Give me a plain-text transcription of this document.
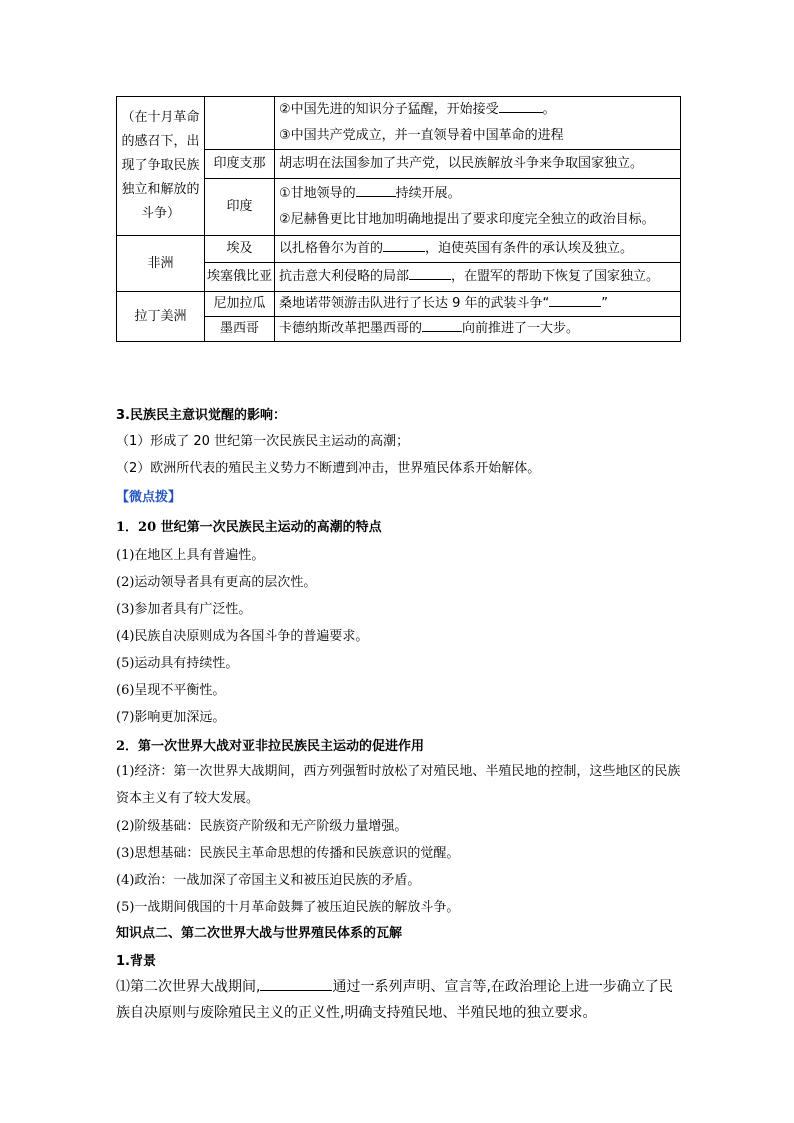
（在十月革命的感召下，出现了争取民族独立和解放的斗争）		②中国先进的知识分子猛醒，开始接受 。
③中国共产党成立，并一直领导着中国革命的进程

	印度支那	胡志明在法国参加了共产党，以民族解放斗争来争取国家独立。
	印度	①甘地领导的 持续开展。
②尼赫鲁更比甘地加明确地提出了要求印度完全独立的政治目标。

非洲	埃及	以扎格鲁尔为首的 ，迫使英国有条件的承认埃及独立。
	埃塞俄比亚	抗击意大利侵略的局部 ，在盟军的帮助下恢复了国家独立。
拉丁美洲	尼加拉瓜	桑地诺带领游击队进行了长达 9 年的武装斗争“ ”
	墨西哥	卡德纳斯改革把墨西哥的 向前推进了一大步。
3.民族民主意识觉醒的影响：
（1）形成了 20 世纪第一次民族民主运动的高潮；
（2）欧洲所代表的殖民主义势力不断遭到冲击，世界殖民体系开始解体。
【微点拨】
1．20 世纪第一次民族民主运动的高潮的特点
(1)在地区上具有普遍性。
(2)运动领导者具有更高的层次性。
(3)参加者具有广泛性。
(4)民族自决原则成为各国斗争的普遍要求。
(5)运动具有持续性。
(6)呈现不平衡性。
(7)影响更加深远。
2．第一次世界大战对亚非拉民族民主运动的促进作用
(1)经济：第一次世界大战期间，西方列强暂时放松了对殖民地、半殖民地的控制，这些地区的民族资本主义有了较大发展。
(2)阶级基础：民族资产阶级和无产阶级力量增强。
(3)思想基础：民族民主革命思想的传播和民族意识的觉醒。
(4)政治：一战加深了帝国主义和被压迫民族的矛盾。
(5)一战期间俄国的十月革命鼓舞了被压迫民族的解放斗争。
知识点二、第二次世界大战与世界殖民体系的瓦解
1.背景
⑴第二次世界大战期间,	通过一系列声明、宣言等,在政治理论上进一步确立了民族自决原则与废除殖民主义的正义性,明确支持殖民地、半殖民地的独立要求。
